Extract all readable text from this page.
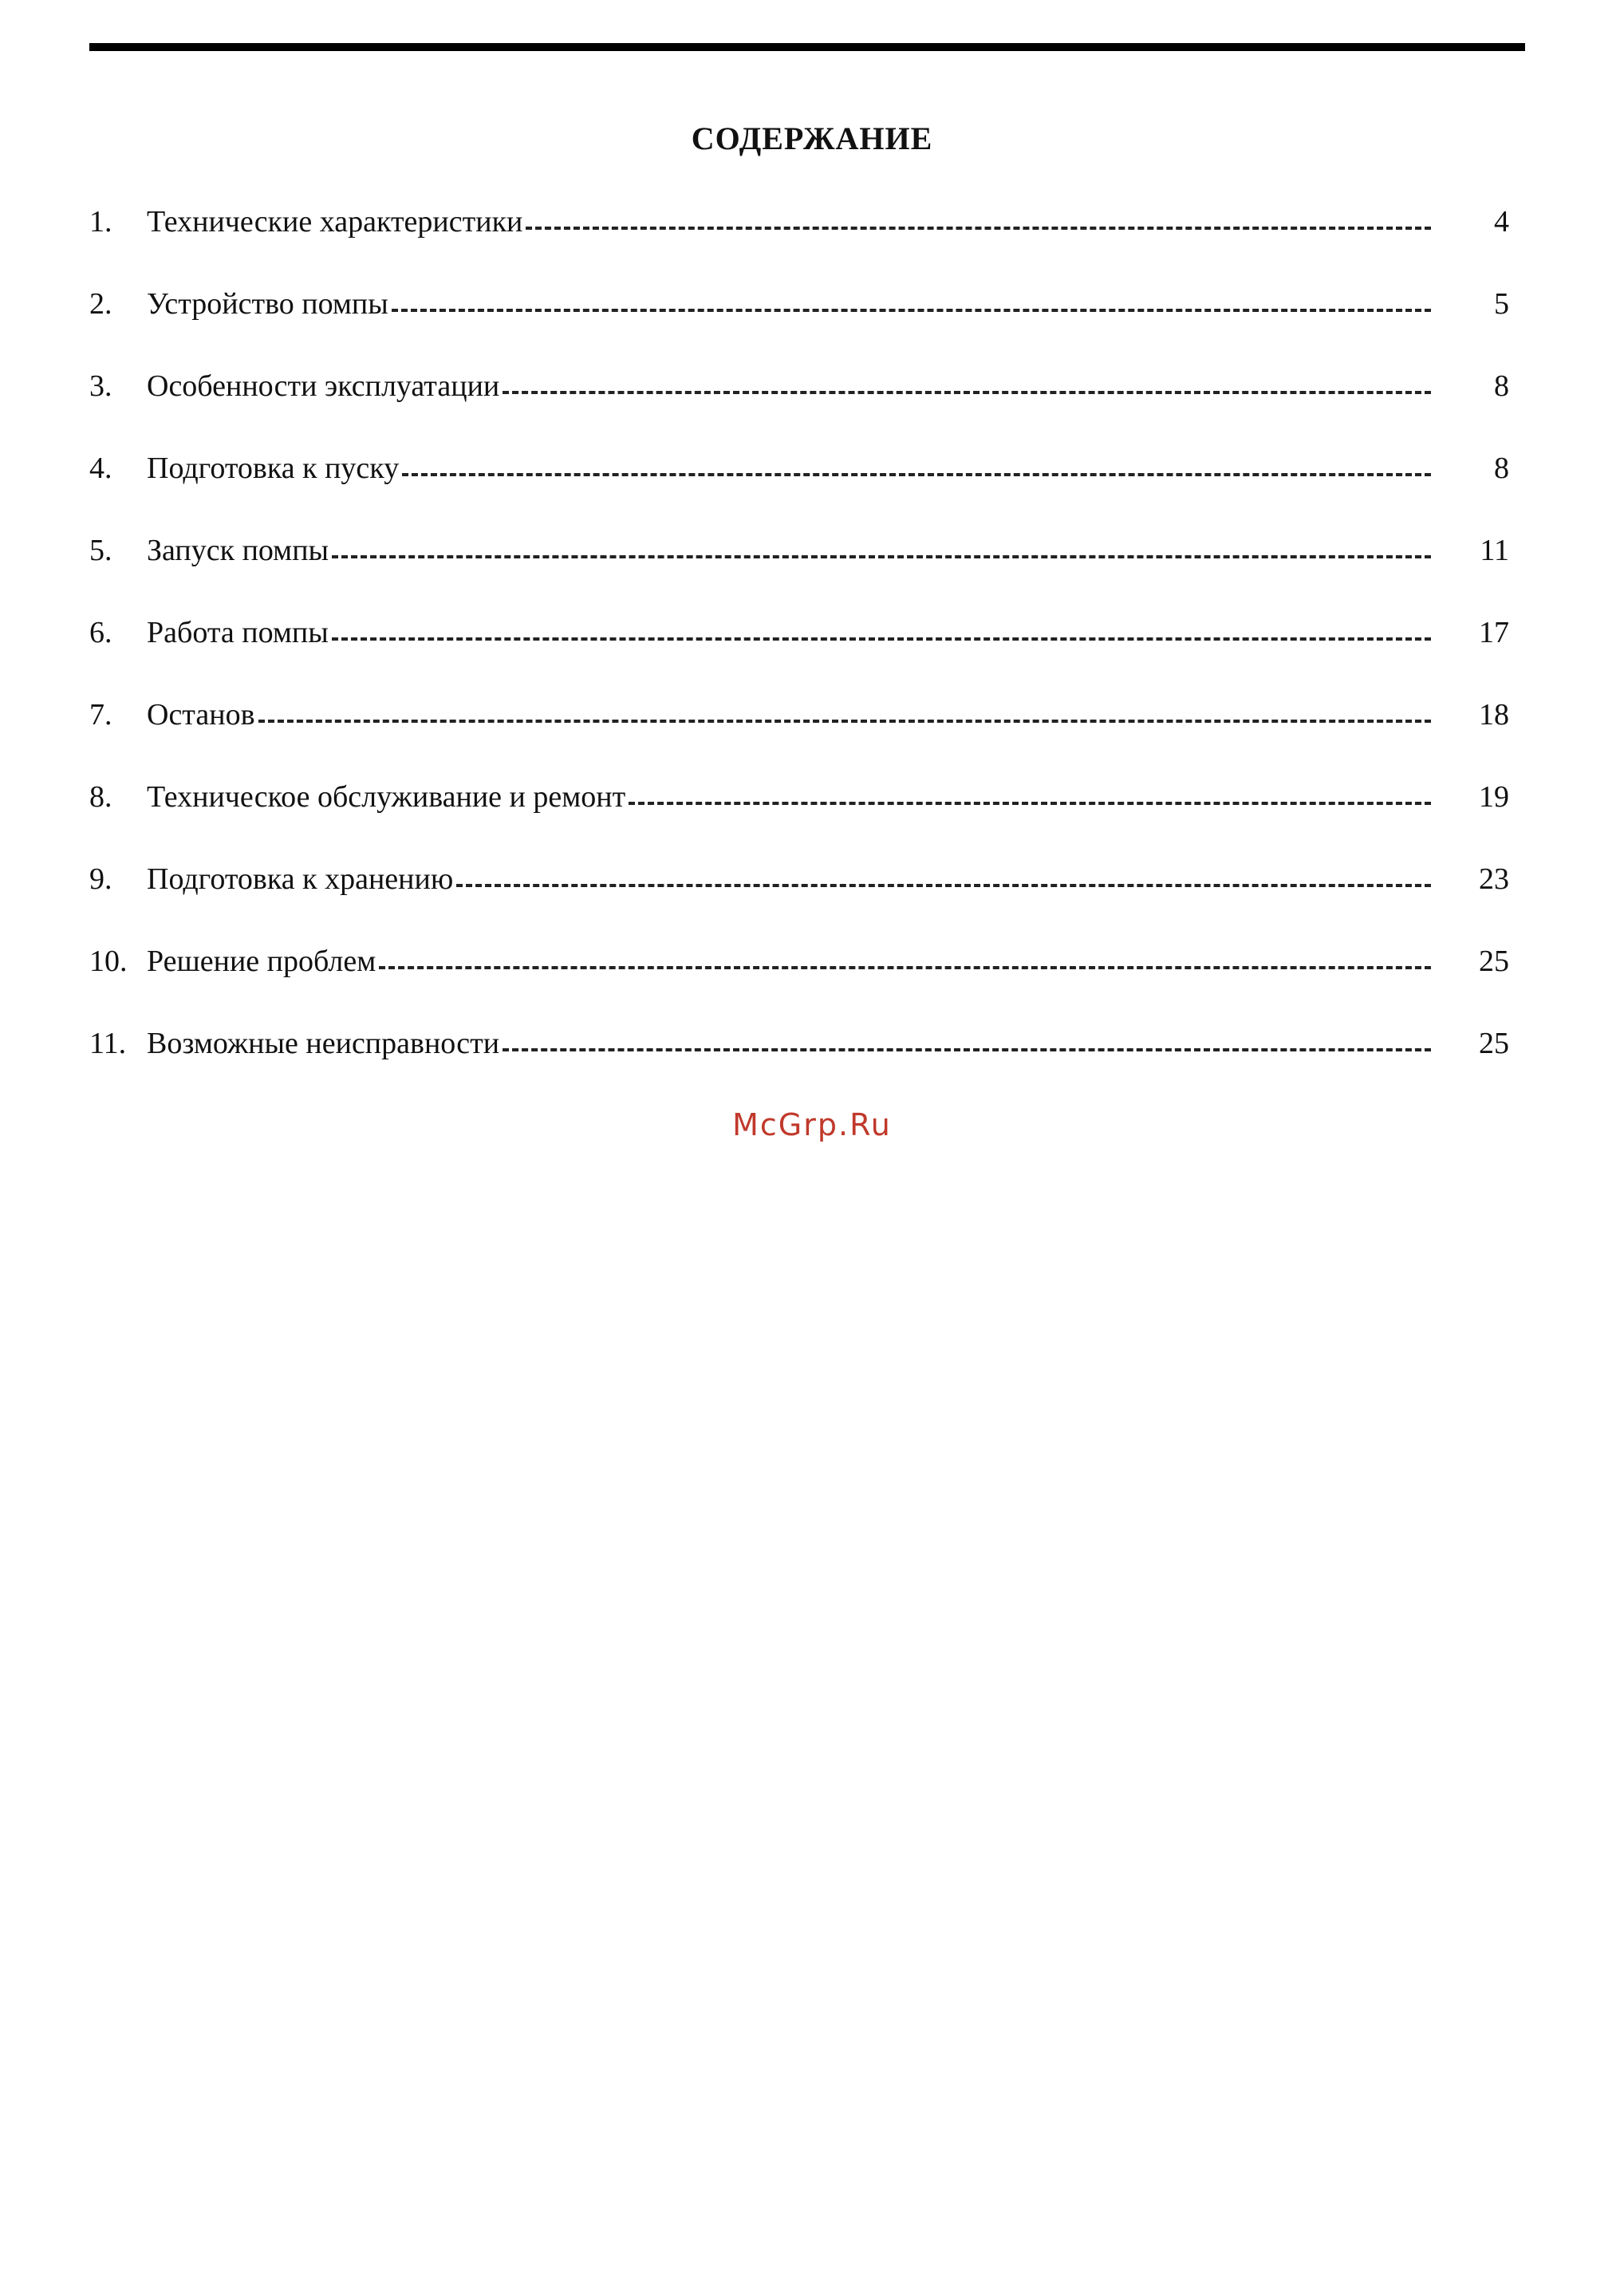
СОДЕРЖАНИЕ
1.	Технические характеристики	4
2.	Устройство помпы	5
3.	Особенности эксплуатации	8
4.	Подготовка к пуску	8
5.	Запуск помпы	11
6.	Работа помпы	17
7.	Останов	18
8.	Техническое обслуживание и ремонт	19
9.	Подготовка к хранению	23
10. Решение проблем	25
11. Возможные неисправности	25
McGrp.Ru
